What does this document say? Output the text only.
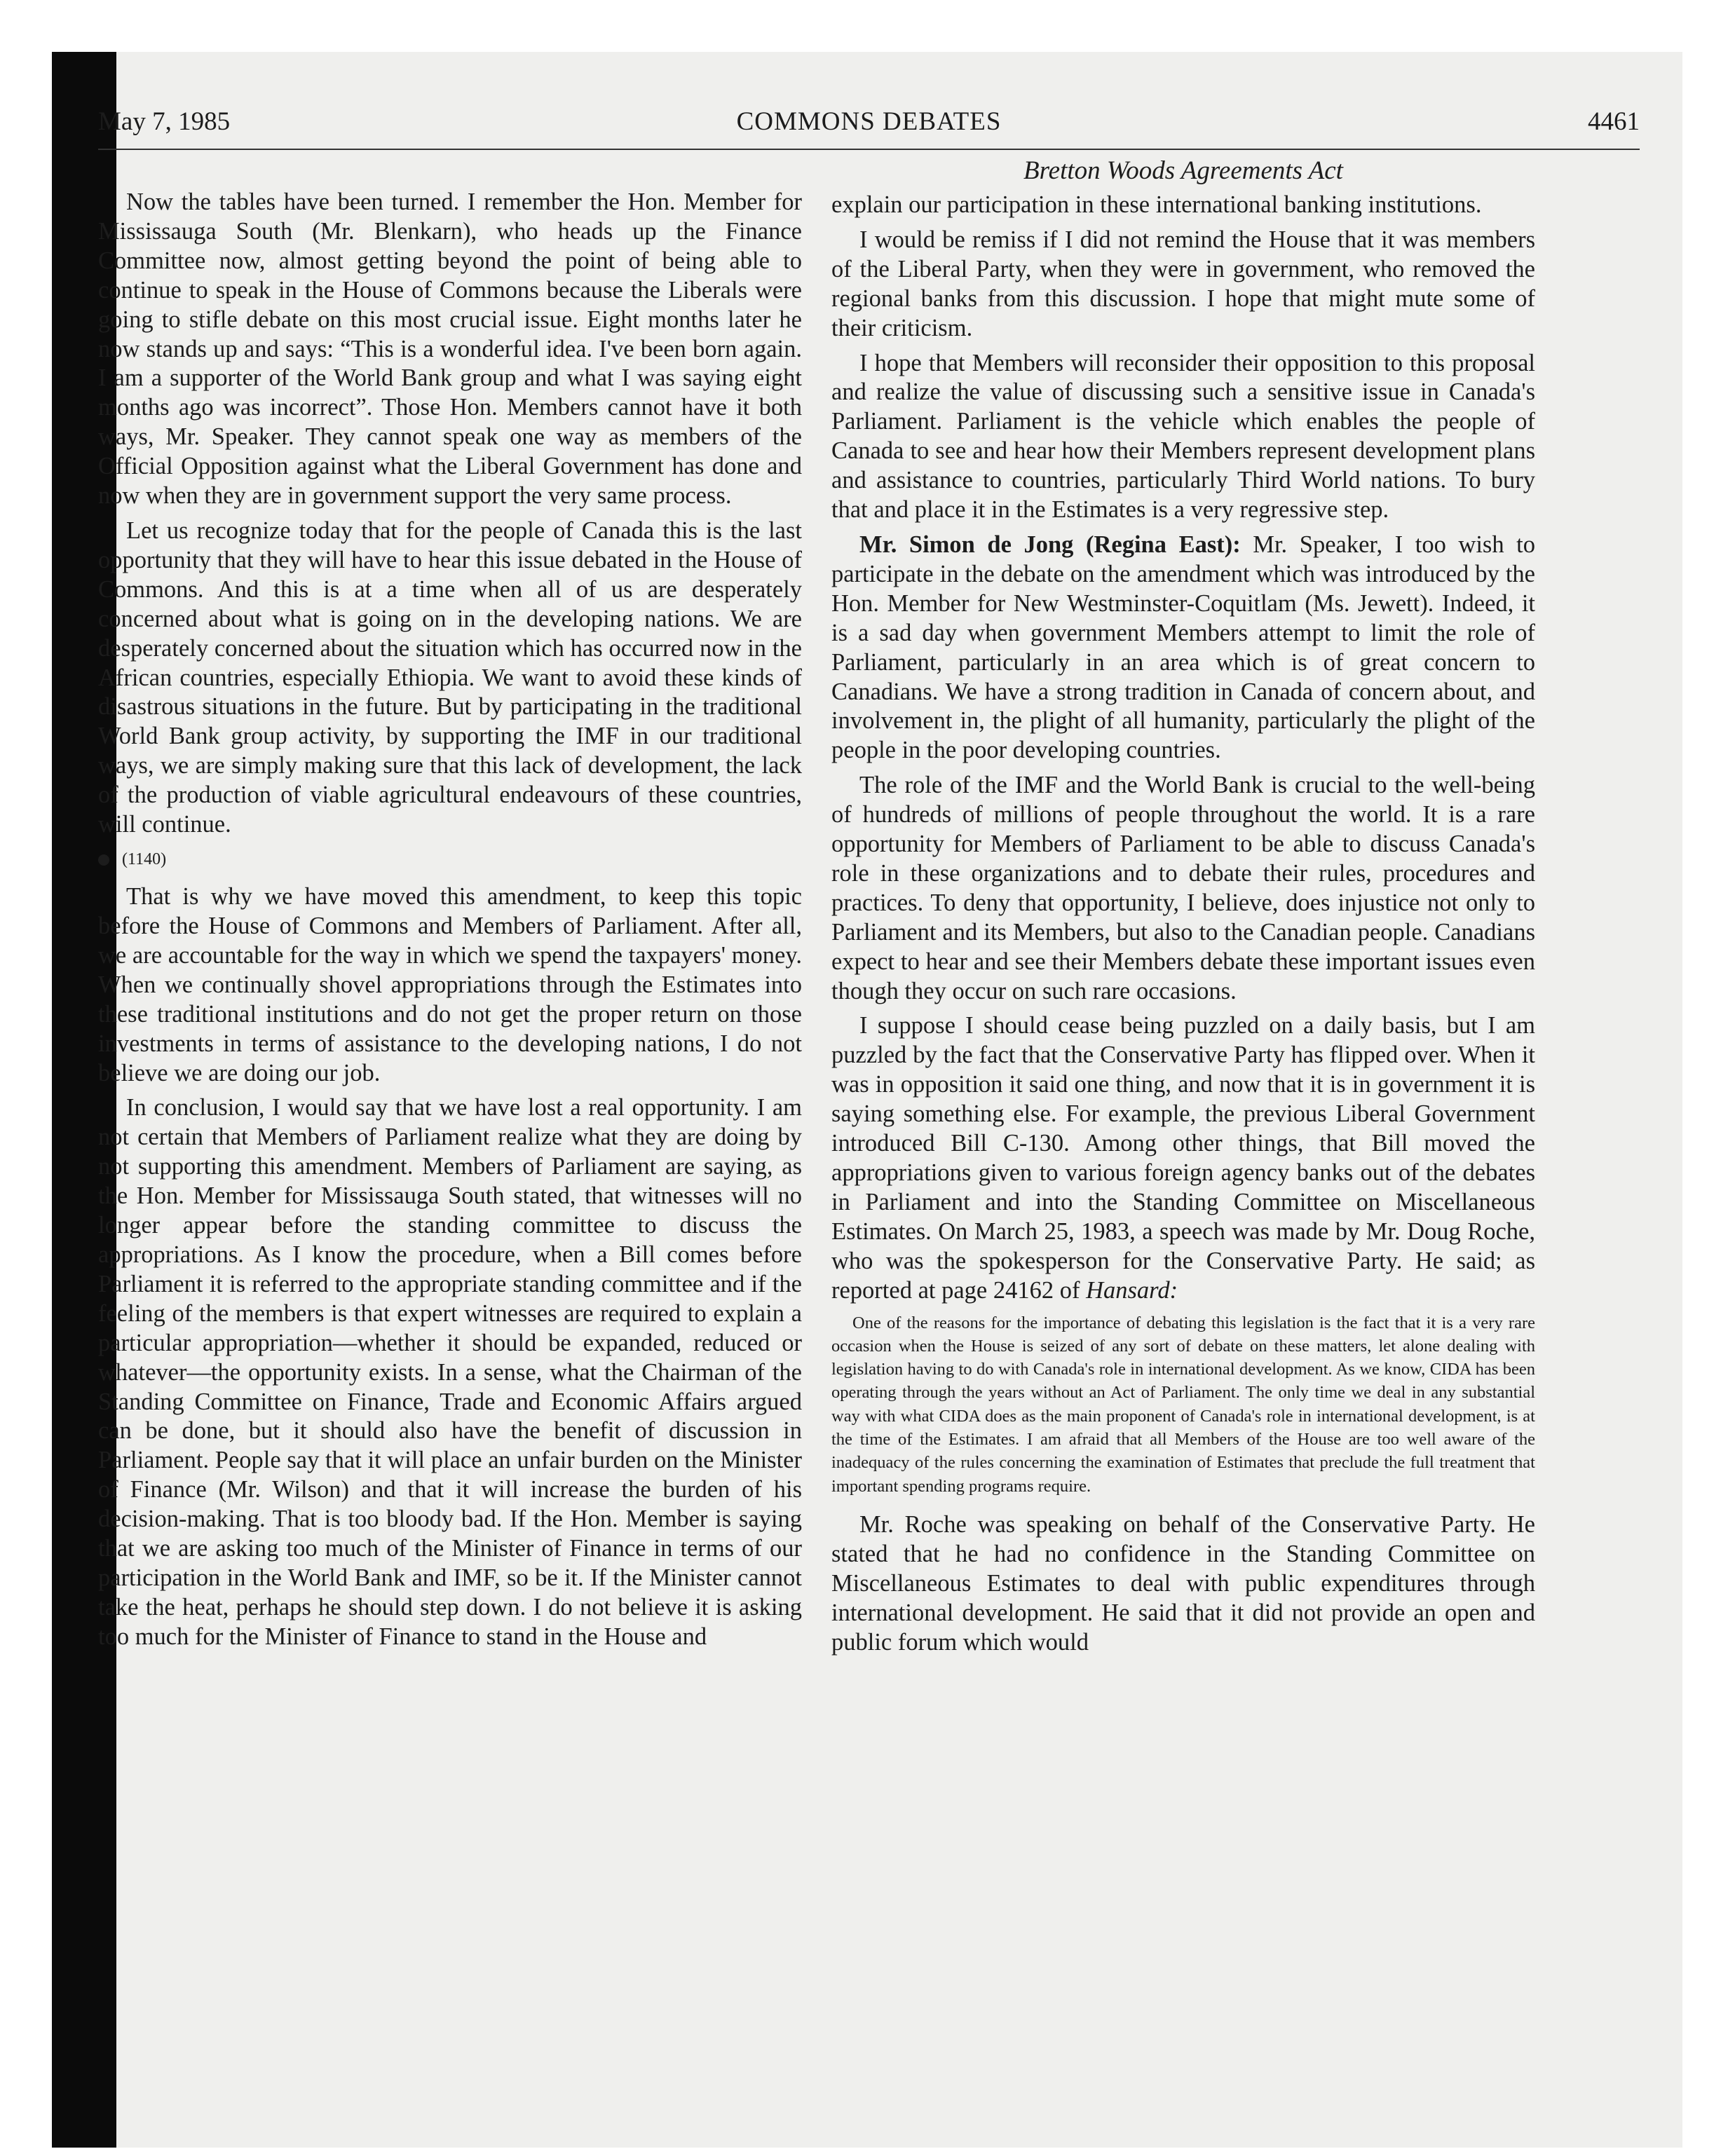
May 7, 1985	COMMONS DEBATES	4461
Bretton Woods Agreements Act

Now the tables have been turned. I remember the Hon. Member for Mississauga South (Mr. Blenkarn), who heads up the Finance Committee now, almost getting beyond the point of being able to continue to speak in the House of Commons because the Liberals were going to stifle debate on this most crucial issue. Eight months later he now stands up and says: “This is a wonderful idea. I've been born again. I am a supporter of the World Bank group and what I was saying eight months ago was incorrect”. Those Hon. Members cannot have it both ways, Mr. Speaker. They cannot speak one way as members of the Official Opposition against what the Liberal Government has done and now when they are in government support the very same process.

Let us recognize today that for the people of Canada this is the last opportunity that they will have to hear this issue debated in the House of Commons. And this is at a time when all of us are desperately concerned about what is going on in the developing nations. We are desperately concerned about the situation which has occurred now in the African countries, especially Ethiopia. We want to avoid these kinds of disastrous situations in the future. But by participating in the traditional World Bank group activity, by supporting the IMF in our traditional ways, we are simply making sure that this lack of development, the lack of the production of viable agricultural endeavours of these countries, will continue.

(1140)

That is why we have moved this amendment, to keep this topic before the House of Commons and Members of Parliament. After all, we are accountable for the way in which we spend the taxpayers' money. When we continually shovel appropriations through the Estimates into these traditional institutions and do not get the proper return on those investments in terms of assistance to the developing nations, I do not believe we are doing our job.

In conclusion, I would say that we have lost a real opportunity. I am not certain that Members of Parliament realize what they are doing by not supporting this amendment. Members of Parliament are saying, as the Hon. Member for Mississauga South stated, that witnesses will no longer appear before the standing committee to discuss the appropriations. As I know the procedure, when a Bill comes before Parliament it is referred to the appropriate standing committee and if the feeling of the members is that expert witnesses are required to explain a particular appropriation—whether it should be expanded, reduced or whatever—the opportunity exists. In a sense, what the Chairman of the Standing Committee on Finance, Trade and Economic Affairs argued can be done, but it should also have the benefit of discussion in Parliament. People say that it will place an unfair burden on the Minister of Finance (Mr. Wilson) and that it will increase the burden of his decision-making. That is too bloody bad. If the Hon. Member is saying that we are asking too much of the Minister of Finance in terms of our participation in the World Bank and IMF, so be it. If the Minister cannot take the heat, perhaps he should step down. I do not believe it is asking too much for the Minister of Finance to stand in the House and

explain our participation in these international banking institutions.

I would be remiss if I did not remind the House that it was members of the Liberal Party, when they were in government, who removed the regional banks from this discussion. I hope that might mute some of their criticism.

I hope that Members will reconsider their opposition to this proposal and realize the value of discussing such a sensitive issue in Canada's Parliament. Parliament is the vehicle which enables the people of Canada to see and hear how their Members represent development plans and assistance to countries, particularly Third World nations. To bury that and place it in the Estimates is a very regressive step.

Mr. Simon de Jong (Regina East): Mr. Speaker, I too wish to participate in the debate on the amendment which was introduced by the Hon. Member for New Westminster-Coquitlam (Ms. Jewett). Indeed, it is a sad day when government Members attempt to limit the role of Parliament, particularly in an area which is of great concern to Canadians. We have a strong tradition in Canada of concern about, and involvement in, the plight of all humanity, particularly the plight of the people in the poor developing countries.

The role of the IMF and the World Bank is crucial to the well-being of hundreds of millions of people throughout the world. It is a rare opportunity for Members of Parliament to be able to discuss Canada's role in these organizations and to debate their rules, procedures and practices. To deny that opportunity, I believe, does injustice not only to Parliament and its Members, but also to the Canadian people. Canadians expect to hear and see their Members debate these important issues even though they occur on such rare occasions.

I suppose I should cease being puzzled on a daily basis, but I am puzzled by the fact that the Conservative Party has flipped over. When it was in opposition it said one thing, and now that it is in government it is saying something else. For example, the previous Liberal Government introduced Bill C-130. Among other things, that Bill moved the appropriations given to various foreign agency banks out of the debates in Parliament and into the Standing Committee on Miscellaneous Estimates. On March 25, 1983, a speech was made by Mr. Doug Roche, who was the spokesperson for the Conservative Party. He said; as reported at page 24162 of Hansard:

One of the reasons for the importance of debating this legislation is the fact that it is a very rare occasion when the House is seized of any sort of debate on these matters, let alone dealing with legislation having to do with Canada's role in international development. As we know, CIDA has been operating through the years without an Act of Parliament. The only time we deal in any substantial way with what CIDA does as the main proponent of Canada's role in international development, is at the time of the Estimates. I am afraid that all Members of the House are too well aware of the inadequacy of the rules concerning the examination of Estimates that preclude the full treatment that important spending programs require.

Mr. Roche was speaking on behalf of the Conservative Party. He stated that he had no confidence in the Standing Committee on Miscellaneous Estimates to deal with public expenditures through international development. He said that it did not provide an open and public forum which would
